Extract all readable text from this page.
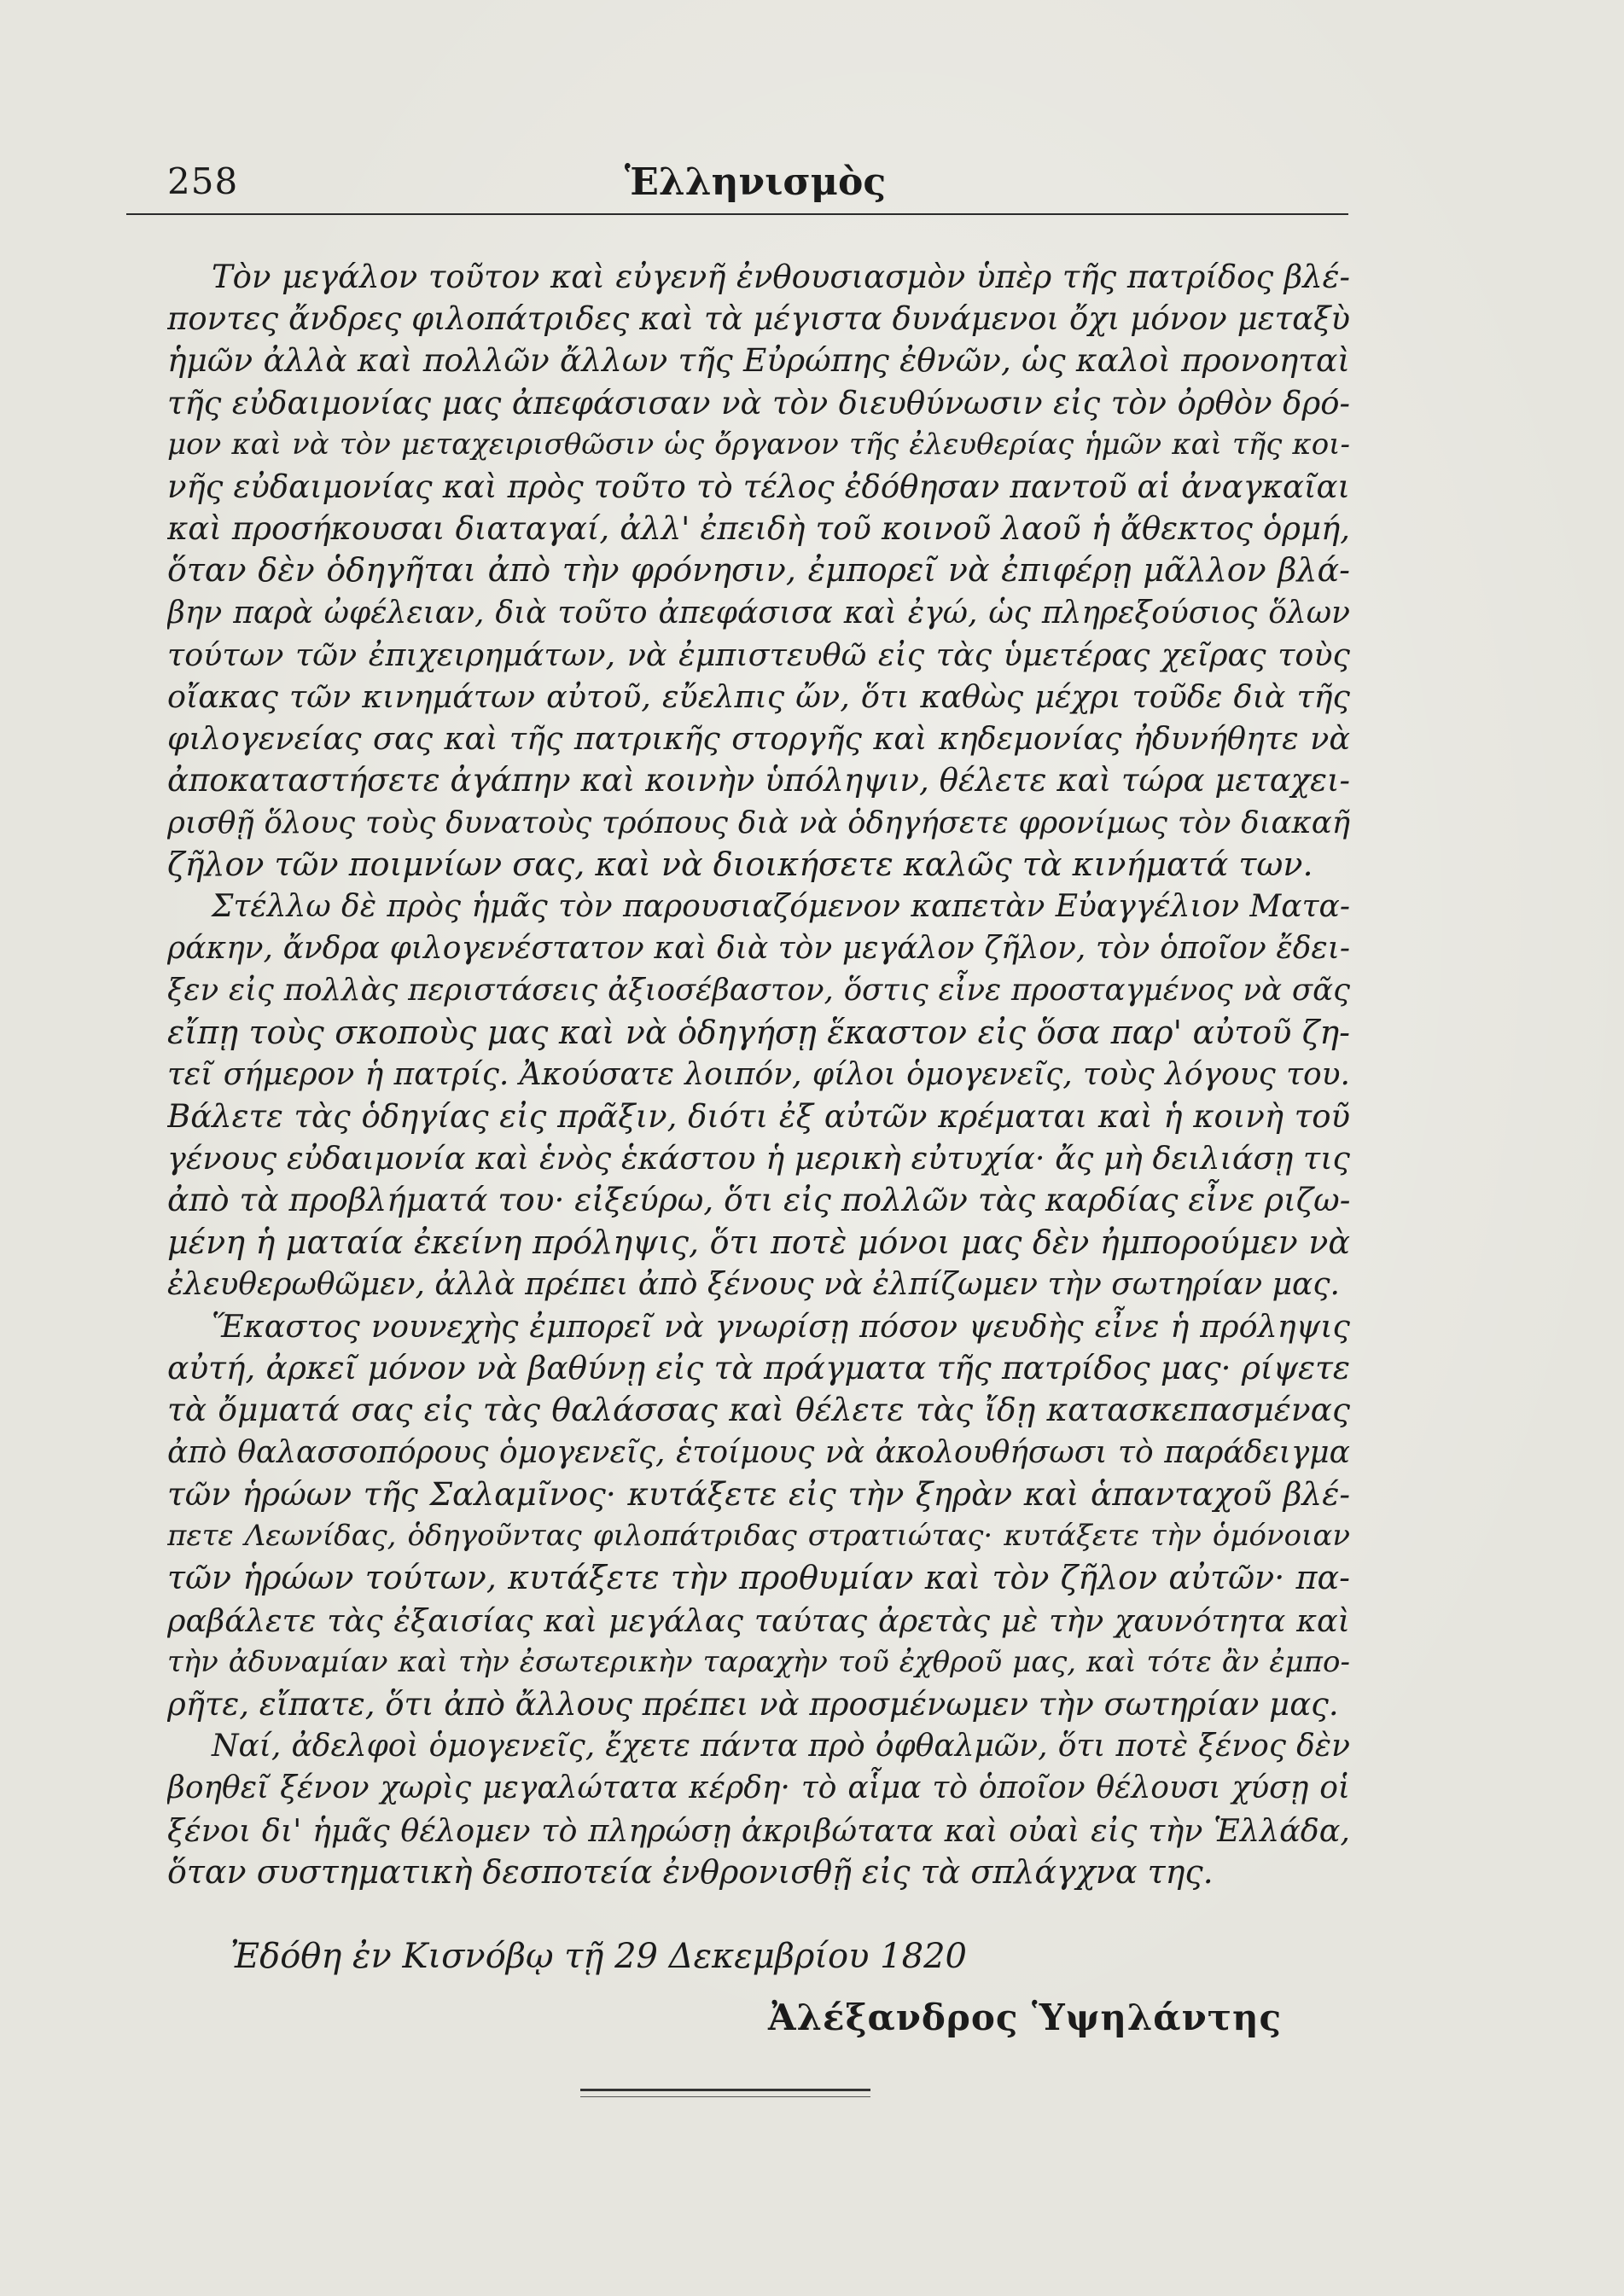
258	Ἑλληνισμὸς
Τὸν μεγάλον τοῦτον καὶ εὐγενῆ ἐνθουσιασμὸν ὑπὲρ τῆς πατρίδος βλέ-
ποντες ἄνδρες φιλοπάτριδες καὶ τὰ μέγιστα δυνάμενοι ὄχι μόνον μεταξὺ
ἡμῶν ἀλλὰ καὶ πολλῶν ἄλλων τῆς Εὐρώπης ἐθνῶν, ὡς καλοὶ προνοηταὶ
τῆς εὐδαιμονίας μας ἀπεφάσισαν νὰ τὸν διευθύνωσιν εἰς τὸν ὀρθὸν δρό-
μον καὶ νὰ τὸν μεταχειρισθῶσιν ὡς ὄργανον τῆς ἐλευθερίας ἡμῶν καὶ τῆς κοι-
νῆς εὐδαιμονίας καὶ πρὸς τοῦτο τὸ τέλος ἐδόθησαν παντοῦ αἱ ἀναγκαῖαι
καὶ προσήκουσαι διαταγαί, ἀλλ' ἐπειδὴ τοῦ κοινοῦ λαοῦ ἡ ἄθεκτος ὁρμή,
ὅταν δὲν ὁδηγῆται ἀπὸ τὴν φρόνησιν, ἐμπορεῖ νὰ ἐπιφέρῃ μᾶλλον βλά-
βην παρὰ ὠφέλειαν, διὰ τοῦτο ἀπεφάσισα καὶ ἐγώ, ὡς πληρεξούσιος ὅλων
τούτων τῶν ἐπιχειρημάτων, νὰ ἐμπιστευθῶ εἰς τὰς ὑμετέρας χεῖρας τοὺς
οἴακας τῶν κινημάτων αὐτοῦ, εὔελπις ὤν, ὅτι καθὼς μέχρι τοῦδε διὰ τῆς
φιλογενείας σας καὶ τῆς πατρικῆς στοργῆς καὶ κηδεμονίας ἠδυνήθητε νὰ
ἀποκαταστήσετε ἀγάπην καὶ κοινὴν ὑπόληψιν, θέλετε καὶ τώρα μεταχει-
ρισθῇ ὅλους τοὺς δυνατοὺς τρόπους διὰ νὰ ὁδηγήσετε φρονίμως τὸν διακαῆ
ζῆλον τῶν ποιμνίων σας, καὶ νὰ διοικήσετε καλῶς τὰ κινήματά των.
Στέλλω δὲ πρὸς ἡμᾶς τὸν παρουσιαζόμενον καπετὰν Εὐαγγέλιον Ματα-
ράκην, ἄνδρα φιλογενέστατον καὶ διὰ τὸν μεγάλον ζῆλον, τὸν ὁποῖον ἔδει-
ξεν εἰς πολλὰς περιστάσεις ἀξιοσέβαστον, ὅστις εἶνε προσταγμένος νὰ σᾶς
εἴπῃ τοὺς σκοποὺς μας καὶ νὰ ὁδηγήσῃ ἕκαστον εἰς ὅσα παρ' αὐτοῦ ζη-
τεῖ σήμερον ἡ πατρίς. Ἀκούσατε λοιπόν, φίλοι ὁμογενεῖς, τοὺς λόγους του.
Βάλετε τὰς ὁδηγίας εἰς πρᾶξιν, διότι ἐξ αὐτῶν κρέμαται καὶ ἡ κοινὴ τοῦ
γένους εὐδαιμονία καὶ ἑνὸς ἑκάστου ἡ μερικὴ εὐτυχία· ἄς μὴ δειλιάσῃ τις
ἀπὸ τὰ προβλήματά του· εἰξεύρω, ὅτι εἰς πολλῶν τὰς καρδίας εἶνε ριζω-
μένη ἡ ματαία ἐκείνη πρόληψις, ὅτι ποτὲ μόνοι μας δὲν ἠμπορούμεν νὰ
ἐλευθερωθῶμεν, ἀλλὰ πρέπει ἀπὸ ξένους νὰ ἐλπίζωμεν τὴν σωτηρίαν μας.
Ἕκαστος νουνεχὴς ἐμπορεῖ νὰ γνωρίσῃ πόσον ψευδὴς εἶνε ἡ πρόληψις
αὐτή, ἀρκεῖ μόνον νὰ βαθύνῃ εἰς τὰ πράγματα τῆς πατρίδος μας· ρίψετε
τὰ ὄμματά σας εἰς τὰς θαλάσσας καὶ θέλετε τὰς ἴδῃ κατασκεπασμένας
ἀπὸ θαλασσοπόρους ὁμογενεῖς, ἑτοίμους νὰ ἀκολουθήσωσι τὸ παράδειγμα
τῶν ἡρώων τῆς Σαλαμῖνος· κυτάξετε εἰς τὴν ξηρὰν καὶ ἁπανταχοῦ βλέ-
πετε Λεωνίδας, ὁδηγοῦντας φιλοπάτριδας στρατιώτας· κυτάξετε τὴν ὁμόνοιαν
τῶν ἡρώων τούτων, κυτάξετε τὴν προθυμίαν καὶ τὸν ζῆλον αὐτῶν· πα-
ραβάλετε τὰς ἐξαισίας καὶ μεγάλας ταύτας ἀρετὰς μὲ τὴν χαυνότητα καὶ
τὴν ἀδυναμίαν καὶ τὴν ἐσωτερικὴν ταραχὴν τοῦ ἐχθροῦ μας, καὶ τότε ἂν ἐμπο-
ρῆτε, εἴπατε, ὅτι ἀπὸ ἄλλους πρέπει νὰ προσμένωμεν τὴν σωτηρίαν μας.
Ναί, ἀδελφοὶ ὁμογενεῖς, ἔχετε πάντα πρὸ ὀφθαλμῶν, ὅτι ποτὲ ξένος δὲν
βοηθεῖ ξένον χωρὶς μεγαλώτατα κέρδη· τὸ αἷμα τὸ ὁποῖον θέλουσι χύσῃ οἱ
ξένοι δι' ἡμᾶς θέλομεν τὸ πληρώσῃ ἀκριβώτατα καὶ οὐαὶ εἰς τὴν Ἑλλάδα,
ὅταν συστηματικὴ δεσποτεία ἐνθρονισθῇ εἰς τὰ σπλάγχνα της.
Ἐδόθη ἐν Κισνόβῳ τῇ 29 Δεκεμβρίου 1820
Ἀλέξανδρος Ὑψηλάντης
